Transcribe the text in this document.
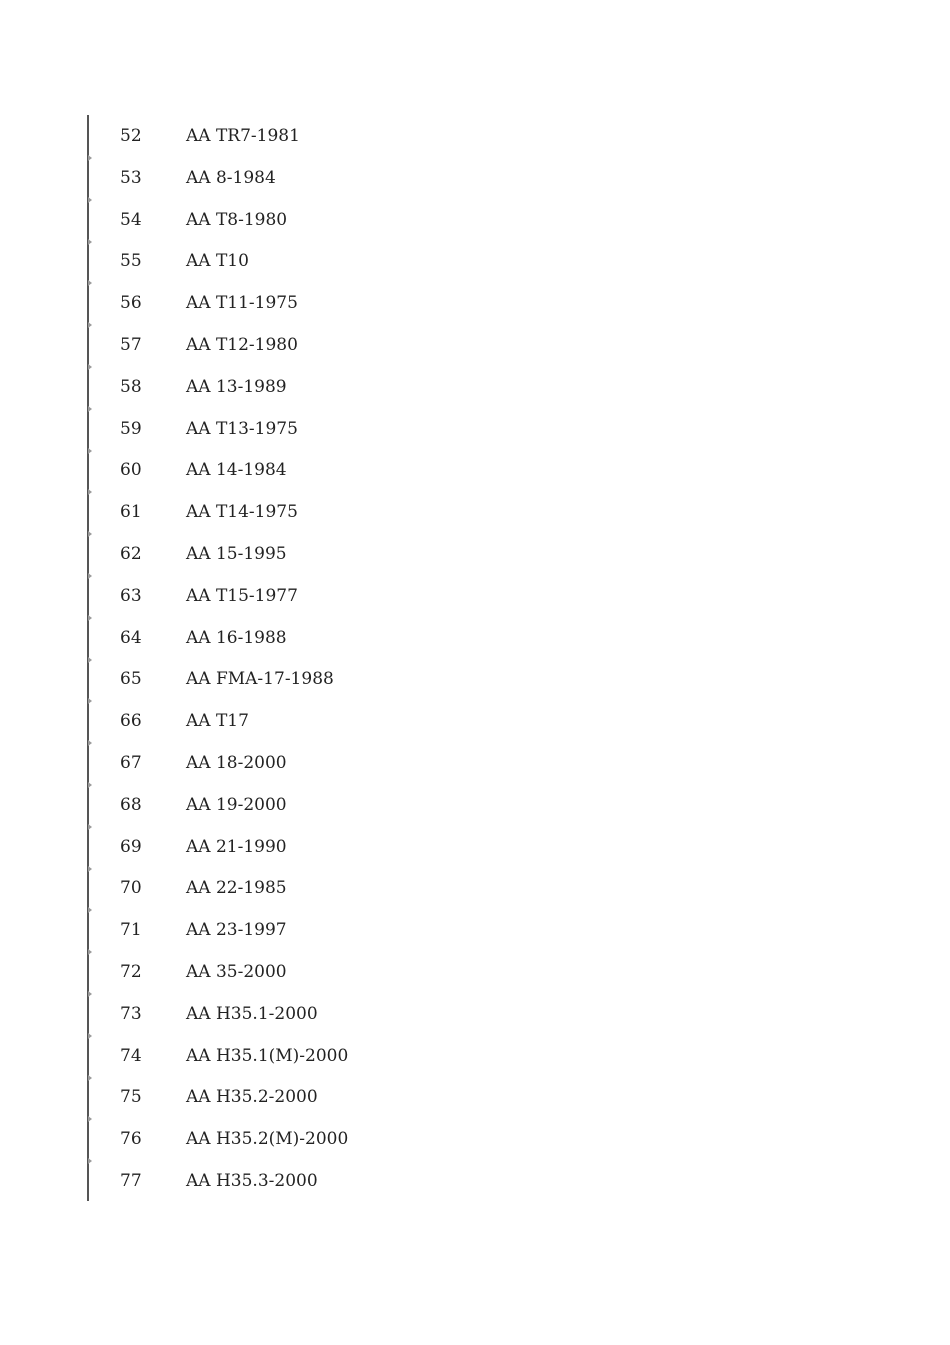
52	AA TR7-1981
53	AA 8-1984
54	AA T8-1980
55	AA T10
56	AA T11-1975
57	AA T12-1980
58	AA 13-1989
59	AA T13-1975
60	AA 14-1984
61	AA T14-1975
62	AA 15-1995
63	AA T15-1977
64	AA 16-1988
65	AA FMA-17-1988
66	AA T17
67	AA 18-2000
68	AA 19-2000
69	AA 21-1990
70	AA 22-1985
71	AA 23-1997
72	AA 35-2000
73	AA H35.1-2000
74	AA H35.1(M)-2000
75	AA H35.2-2000
76	AA H35.2(M)-2000
77	AA H35.3-2000
